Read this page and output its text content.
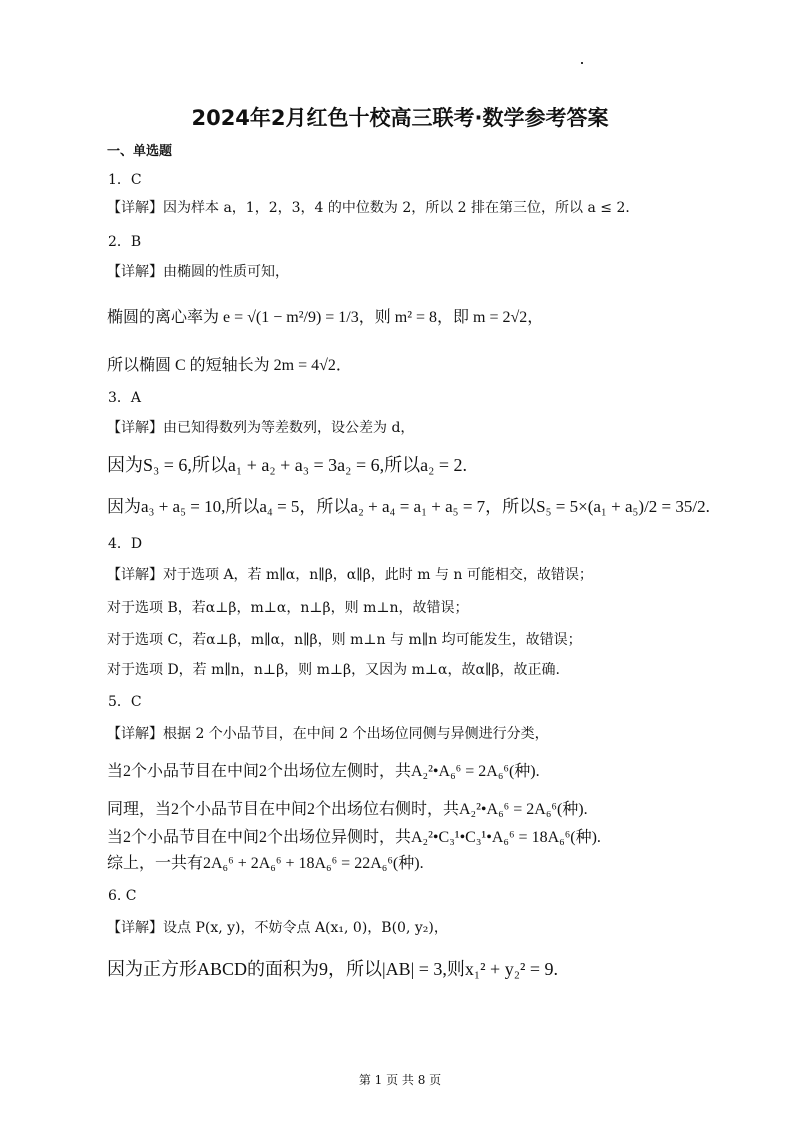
2024年2月红色十校高三联考·数学参考答案
一、单选题
1．C
【详解】因为样本 a，1，2，3，4 的中位数为 2，所以 2 排在第三位，所以 a ≤ 2．
2．B
【详解】由椭圆的性质可知，
椭圆的离心率为 e = √(1 − m²/9) = 1/3，则 m² = 8，即 m = 2√2，
所以椭圆 C 的短轴长为 2m = 4√2．
3．A
【详解】由已知得数列为等差数列，设公差为 d，
因为S₃ = 6,所以a₁ + a₂ + a₃ = 3a₂ = 6,所以a₂ = 2.
因为a₃ + a₅ = 10,所以a₄ = 5，所以a₂ + a₄ = a₁ + a₅ = 7，所以S₅ = 5×(a₁ + a₅)/2 = 35/2.
4．D
【详解】对于选项 A，若 m∥α，n∥β，α∥β，此时 m 与 n 可能相交，故错误；
对于选项 B，若α⊥β，m⊥α，n⊥β，则 m⊥n，故错误；
对于选项 C，若α⊥β，m∥α，n∥β，则 m⊥n 与 m∥n 均可能发生，故错误；
对于选项 D，若 m∥n，n⊥β，则 m⊥β，又因为 m⊥α，故α∥β，故正确.
5．C
【详解】根据 2 个小品节目，在中间 2 个出场位同侧与异侧进行分类，
当2个小品节目在中间2个出场位左侧时，共A₂²•A₆⁶ = 2A₆⁶(种).
同理，当2个小品节目在中间2个出场位右侧时，共A₂²•A₆⁶ = 2A₆⁶(种).
当2个小品节目在中间2个出场位异侧时，共A₂²•C₃¹•C₃¹•A₆⁶ = 18A₆⁶(种).
综上，一共有2A₆⁶ + 2A₆⁶ + 18A₆⁶ = 22A₆⁶(种).
6. C
【详解】设点 P(x, y)，不妨令点 A(x₁, 0)，B(0, y₂)，
因为正方形ABCD的面积为9，所以|AB| = 3,则x₁² + y₂² = 9.
第 1 页 共 8 页
